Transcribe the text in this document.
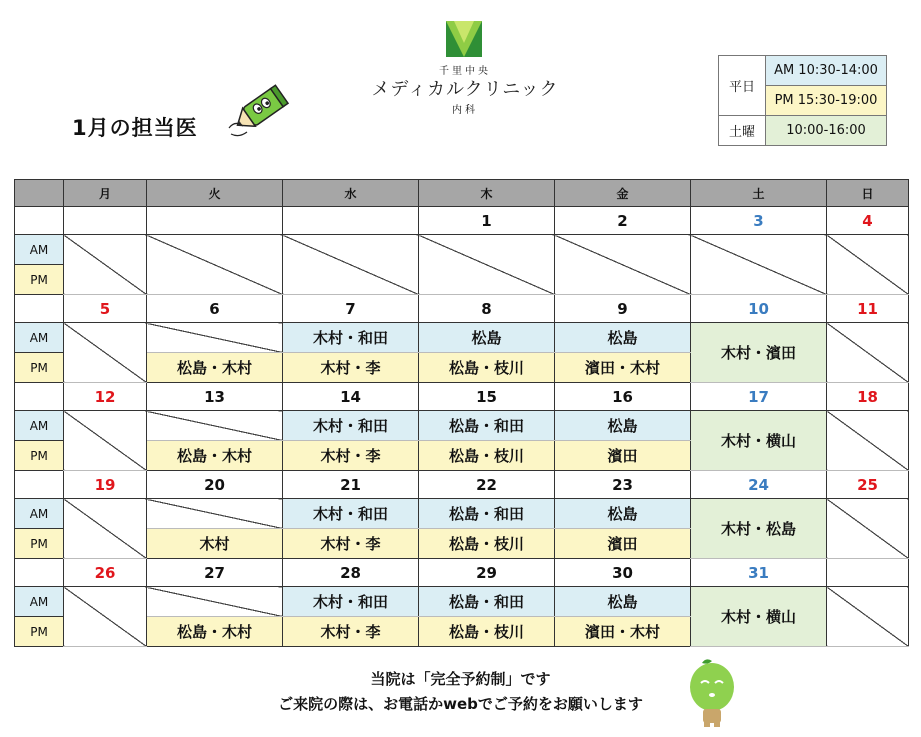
1月の担当医
千里中央
メディカルクリニック
内科
平日	AM 10:30-14:00
	PM 15:30-19:00
土曜	10:00-16:00
	月	火	水	木	金	土	日
				1	2	3	4
AM							
PM							
	5	6	7	8	9	10	11
AM			木村・和田	松島	松島	木村・濱田	
PM		松島・木村	木村・李	松島・枝川	濱田・木村		
	12	13	14	15	16	17	18
AM			木村・和田	松島・和田	松島	木村・横山	
PM		松島・木村	木村・李	松島・枝川	濱田		
	19	20	21	22	23	24	25
AM			木村・和田	松島・和田	松島	木村・松島	
PM		木村	木村・李	松島・枝川	濱田		
	26	27	28	29	30	31	
AM			木村・和田	松島・和田	松島	木村・横山	
PM		松島・木村	木村・李	松島・枝川	濱田・木村		
当院は「完全予約制」です
ご来院の際は、お電話かwebでご予約をお願いします
